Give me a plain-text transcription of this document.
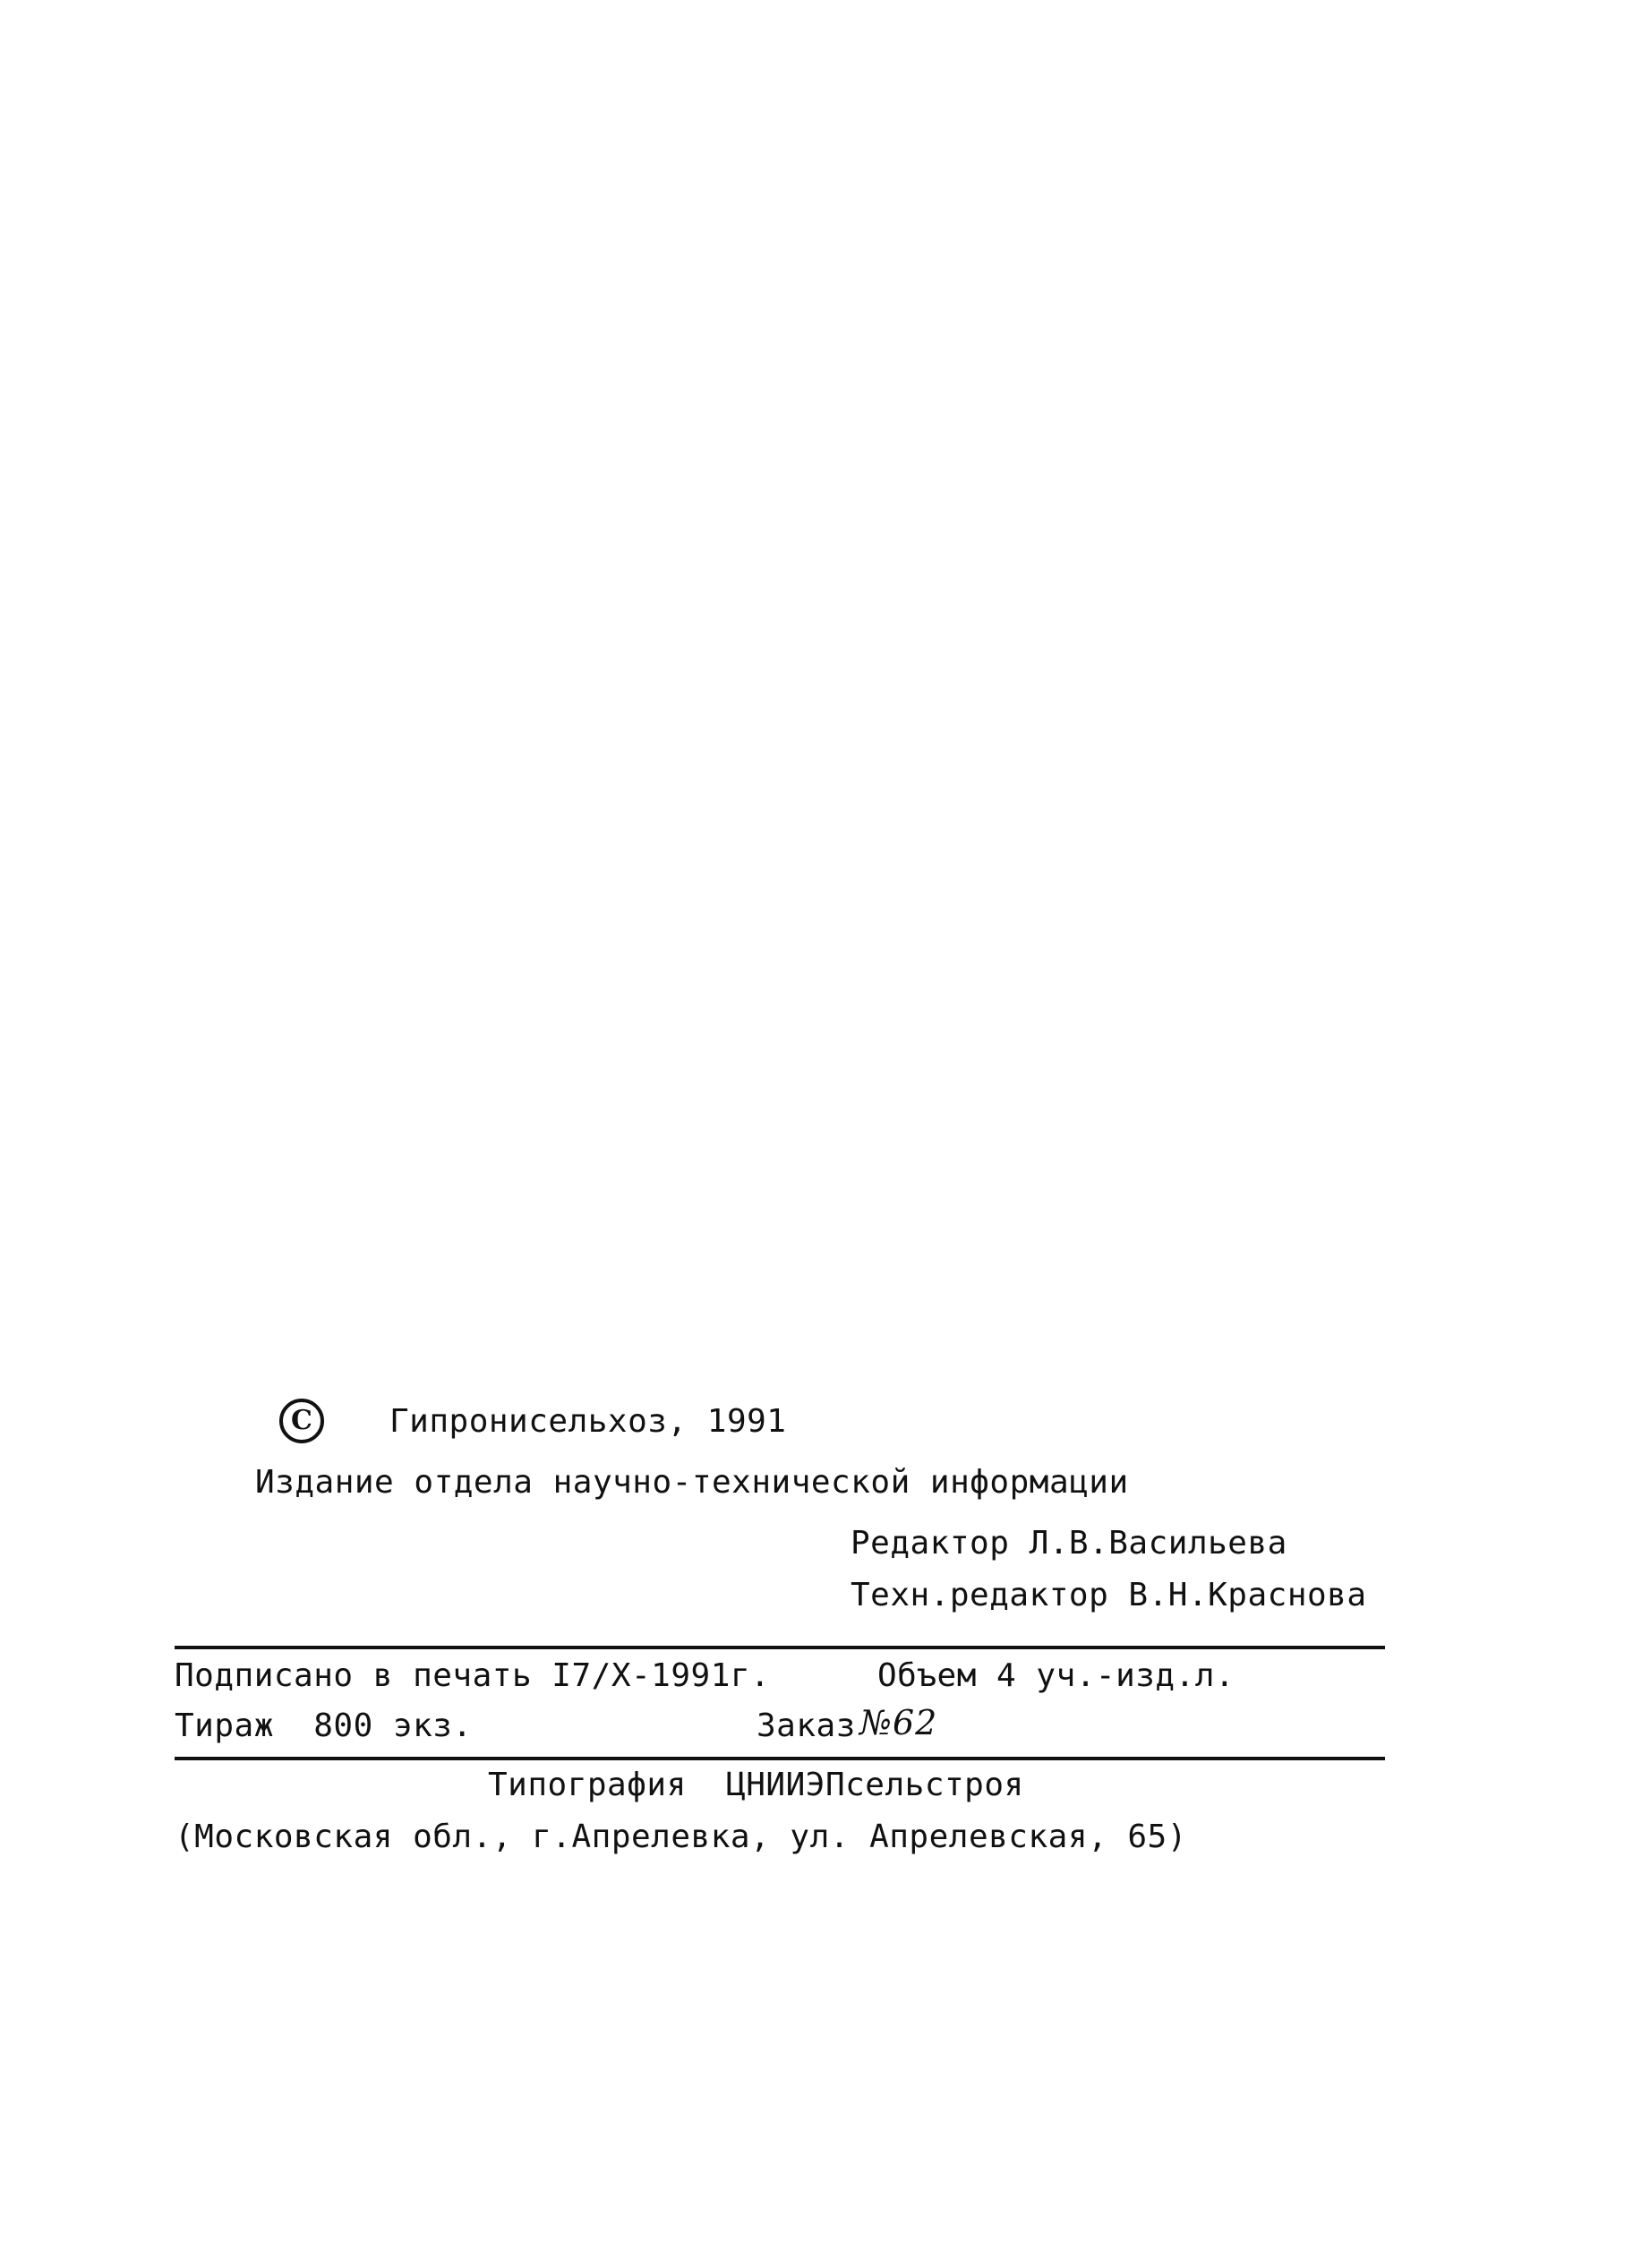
C	Гипронисельхоз, 1991
Издание отдела научно-технической информации
Редактор Л.В.Васильева
Техн.редактор В.Н.Краснова
Подписано в печать I7/X-1991г.	Объем 4 уч.-изд.л.
Тираж  800 экз.	Заказ №62
Типография  ЦНИИЭПсельстроя
(Московская обл., г.Апрелевка, ул. Апрелевская, 65)
